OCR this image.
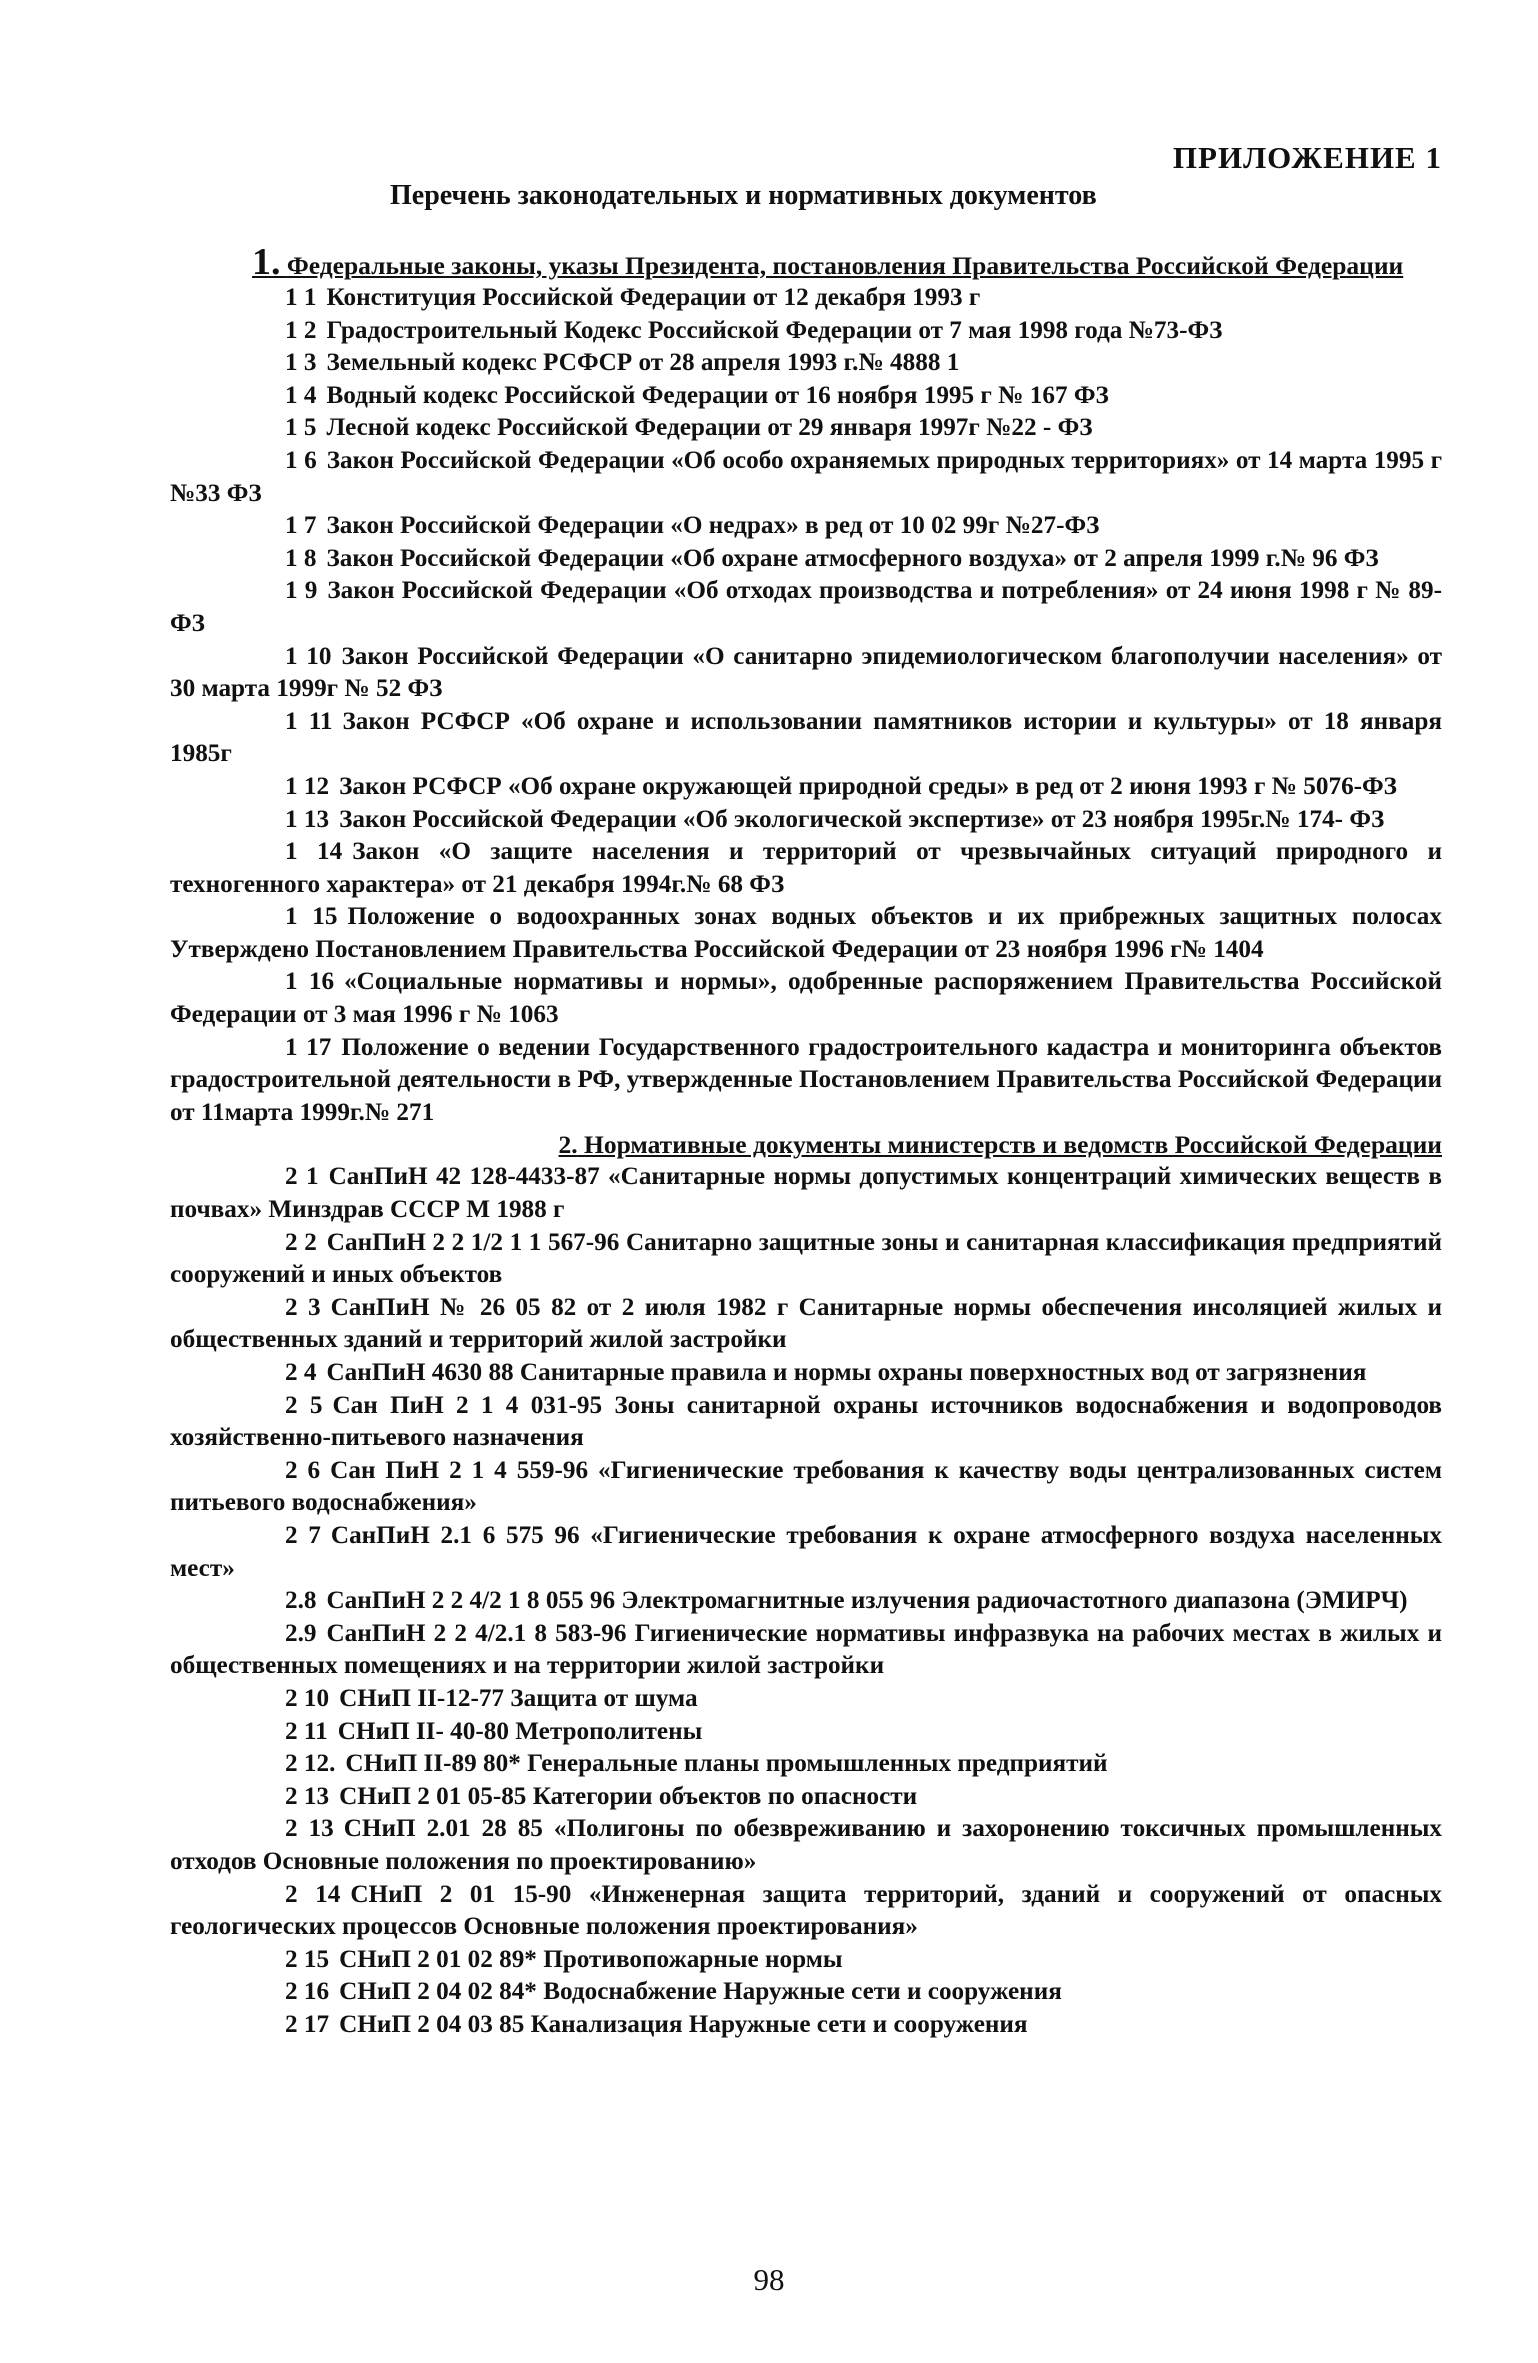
ПРИЛОЖЕНИЕ 1
Перечень законодательных и нормативных документов
1. Федеральные законы, указы Президента, постановления Правительства Российской Федерации

1 1 Конституция Российской Федерации от 12 декабря 1993 г

1 2 Градостроительный Кодекс Российской Федерации от 7 мая 1998 года №73-ФЗ

1 3 Земельный кодекс РСФСР от 28 апреля 1993 г.№ 4888 1

1 4 Водный кодекс Российской Федерации от 16 ноября 1995 г № 167 ФЗ

1 5 Лесной кодекс Российской Федерации от 29 января 1997г №22 - ФЗ

1 6 Закон Российской Федерации «Об особо охраняемых природных территориях» от 14 марта 1995 г №33 ФЗ

1 7 Закон Российской Федерации «О недрах» в ред от 10 02 99г №27-ФЗ

1 8 Закон Российской Федерации «Об охране атмосферного воздуха» от 2 апреля 1999 г.№ 96 ФЗ

1 9 Закон Российской Федерации «Об отходах производства и потребления» от 24 июня 1998 г № 89-ФЗ

1 10 Закон Российской Федерации «О санитарно эпидемиологическом благополучии населения» от 30 марта 1999г № 52 ФЗ

1 11 Закон РСФСР «Об охране и использовании памятников истории и культуры» от 18 января 1985г

1 12 Закон РСФСР «Об охране окружающей природной среды» в ред от 2 июня 1993 г № 5076-ФЗ

1 13 Закон Российской Федерации «Об экологической экспертизе» от 23 ноября 1995г.№ 174- ФЗ

1 14 Закон «О защите населения и территорий от чрезвычайных ситуаций природного и техногенного характера» от 21 декабря 1994г.№ 68 ФЗ

1 15 Положение о водоохранных зонах водных объектов и их прибрежных защитных полосах Утверждено Постановлением Правительства Российской Федерации от 23 ноября 1996 г№ 1404

1 16 «Социальные нормативы и нормы», одобренные распоряжением Правительства Российской Федерации от 3 мая 1996 г № 1063

1 17 Положение о ведении Государственного градостроительного кадастра и мониторинга объектов градостроительной деятельности в РФ, утвержденные Постановлением Правительства Российской Федерации от 11марта 1999г.№ 271

2. Нормативные документы министерств и ведомств Российской Федерации

2 1 СанПиН 42 128-4433-87 «Санитарные нормы допустимых концентраций химических веществ в почвах» Минздрав СССР М 1988 г

2 2 СанПиН 2 2 1/2 1 1 567-96 Санитарно защитные зоны и санитарная классификация предприятий сооружений и иных объектов

2 3 СанПиН № 26 05 82 от 2 июля 1982 г Санитарные нормы обеспечения инсоляцией жилых и общественных зданий и территорий жилой застройки

2 4 СанПиН 4630 88 Санитарные правила и нормы охраны поверхностных вод от загрязнения

2 5 Сан ПиН 2 1 4 031-95 Зоны санитарной охраны источников водоснабжения и водопроводов хозяйственно-питьевого назначения

2 6 Сан ПиН 2 1 4 559-96 «Гигиенические требования к качеству воды централизованных систем питьевого водоснабжения»

2 7 СанПиН 2.1 6 575 96 «Гигиенические требования к охране атмосферного воздуха населенных мест»

2.8 СанПиН 2 2 4/2 1 8 055 96 Электромагнитные излучения радиочастотного диапазона (ЭМИРЧ)

2.9 СанПиН 2 2 4/2.1 8 583-96 Гигиенические нормативы инфразвука на рабочих местах в жилых и общественных помещениях и на территории жилой застройки

2 10 СНиП II-12-77 Защита от шума

2 11 СНиП II- 40-80 Метрополитены

2 12. СНиП II-89 80* Генеральные планы промышленных предприятий

2 13 СНиП 2 01 05-85 Категории объектов по опасности

2 13 СНиП 2.01 28 85 «Полигоны по обезвреживанию и захоронению токсичных промышленных отходов Основные положения по проектированию»

2 14 СНиП 2 01 15-90 «Инженерная защита территорий, зданий и сооружений от опасных геологических процессов Основные положения проектирования»

2 15 СНиП 2 01 02 89* Противопожарные нормы

2 16 СНиП 2 04 02 84* Водоснабжение Наружные сети и сооружения

2 17 СНиП 2 04 03 85 Канализация Наружные сети и сооружения

98
